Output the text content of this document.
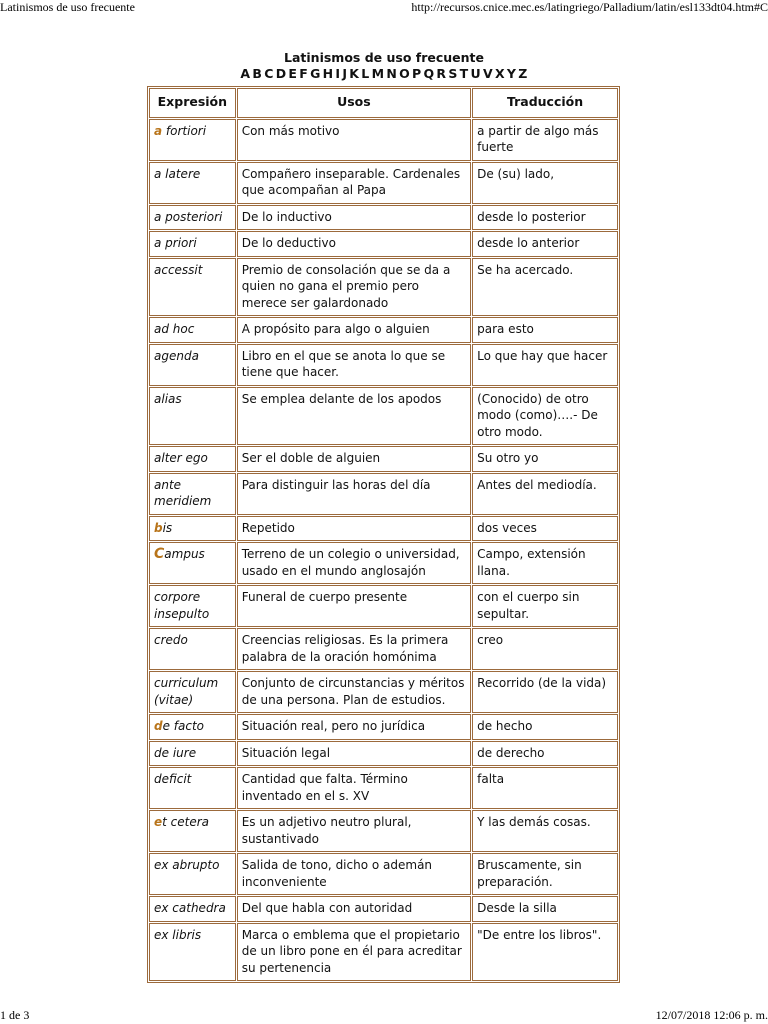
Latinismos de uso frecuente	http://recursos.cnice.mec.es/latingriego/Palladium/latin/esl133dt04.htm#C
Latinismos de uso frecuente
A B C D E F G H I J K L M N O P Q R S T U V X Y Z
Expresión	Usos	Traducción
a fortiori	Con más motivo	a partir de algo más fuerte
a latere	Compañero inseparable. Cardenales que acompañan al Papa	De (su) lado,
a posteriori	De lo inductivo	desde lo posterior
a priori	De lo deductivo	desde lo anterior
accessit	Premio de consolación que se da a quien no gana el premio pero merece ser galardonado	Se ha acercado.
ad hoc	A propósito para algo o alguien	para esto
agenda	Libro en el que se anota lo que se tiene que hacer.	Lo que hay que hacer
alias	Se emplea delante de los apodos	(Conocido) de otro modo (como)….- De otro modo.
alter ego	Ser el doble de alguien	Su otro yo
ante meridiem	Para distinguir las horas del día	Antes del mediodía.
bis	Repetido	dos veces
Campus	Terreno de un colegio o universidad, usado en el mundo anglosajón	Campo, extensión llana.
corpore insepulto	Funeral de cuerpo presente	con el cuerpo sin sepultar.
credo	Creencias religiosas. Es la primera palabra de la oración homónima	creo
curriculum (vitae)	Conjunto de circunstancias y méritos de una persona. Plan de estudios.	Recorrido (de la vida)
de facto	Situación real, pero no jurídica	de hecho
de iure	Situación legal	de derecho
deficit	Cantidad que falta. Término inventado en el s. XV	falta
et cetera	Es un adjetivo neutro plural, sustantivado	Y las demás cosas.
ex abrupto	Salida de tono, dicho o ademán inconveniente	Bruscamente, sin preparación.
ex cathedra	Del que habla con autoridad	Desde la silla
ex libris	Marca o emblema que el propietario de un libro pone en él para acreditar su pertenencia	"De entre los libros".
1 de 3	12/07/2018 12:06 p. m.
